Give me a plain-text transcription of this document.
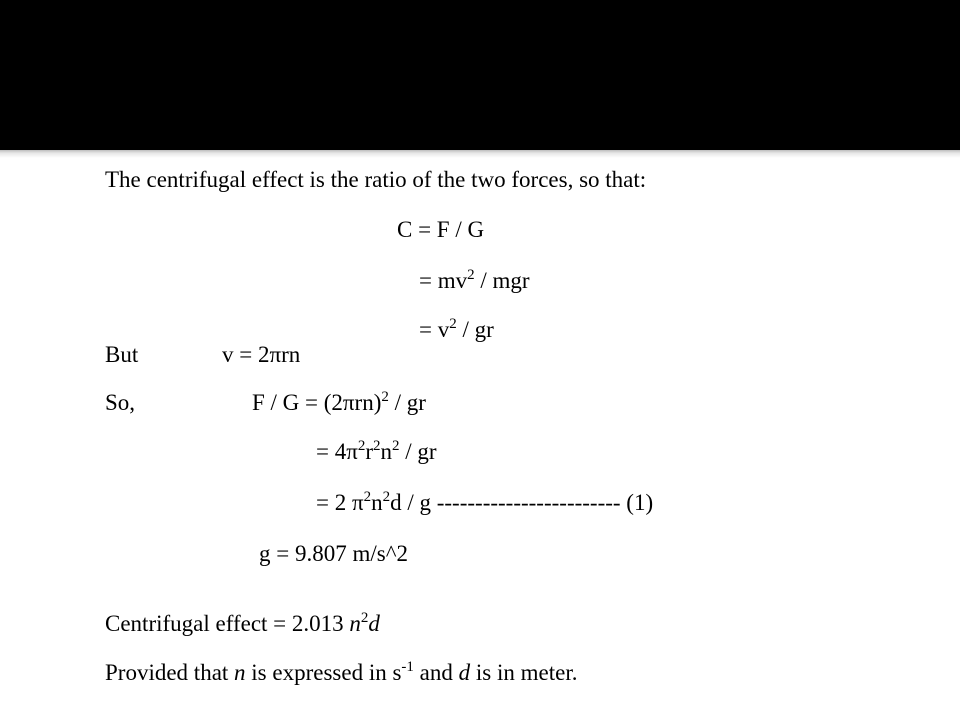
The centrifugal effect is the ratio of the two forces, so that:
C = F / G
= $mv^2$ / mgr
= $v^2$ / gr
But	v = 2πrn
So,	$F / G = (2\pi rn)^2$ / gr
= $4\pi^2r^2n^2$ / gr
= 2 $\pi^2n^2d$ / g ------------------------ (1)
g = 9.807 m/s^2
Centrifugal effect = 2.013 $n^2d$
Provided that n is expressed in $s^{-1}$ and d is in meter.
